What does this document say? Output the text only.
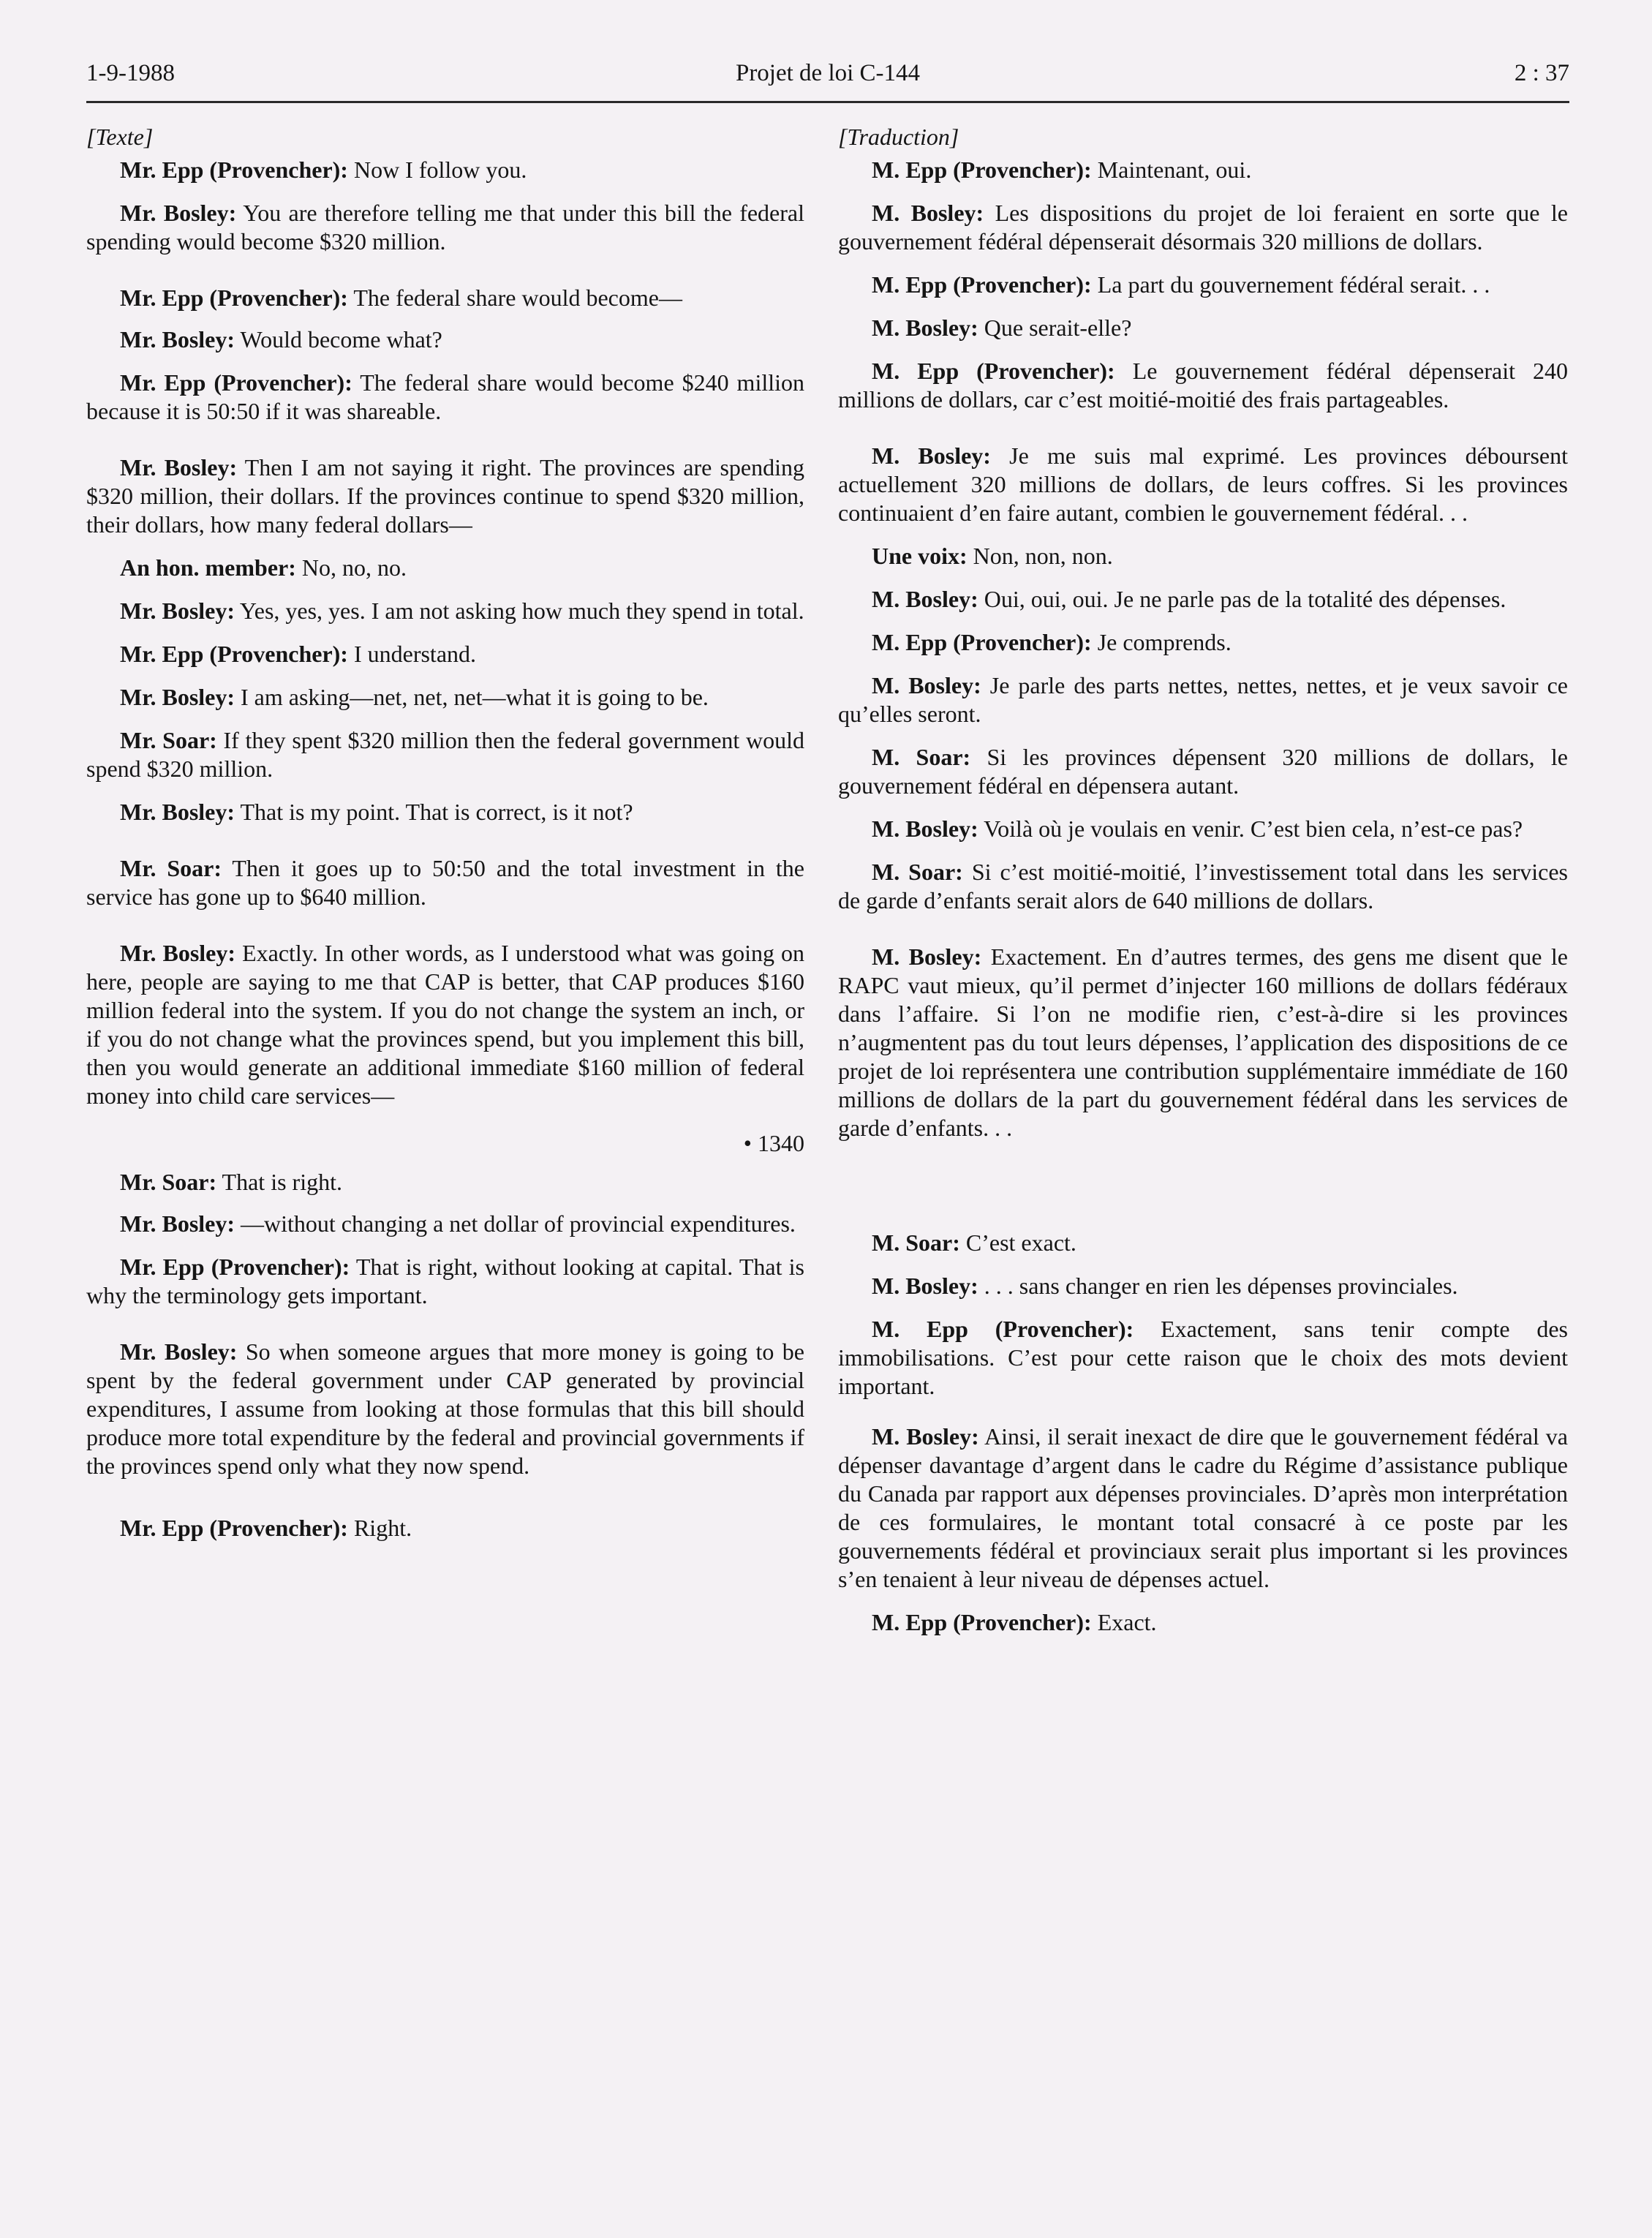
1-9-1988	Projet de loi C-144	2 : 37
[Texte]

Mr. Epp (Provencher): Now I follow you.

Mr. Bosley: You are therefore telling me that under this bill the federal spending would become $320 million.

Mr. Epp (Provencher): The federal share would become—

Mr. Bosley: Would become what?

Mr. Epp (Provencher): The federal share would become $240 million because it is 50:50 if it was shareable.

Mr. Bosley: Then I am not saying it right. The provinces are spending $320 million, their dollars. If the provinces continue to spend $320 million, their dollars, how many federal dollars—

An hon. member: No, no, no.

Mr. Bosley: Yes, yes, yes. I am not asking how much they spend in total.

Mr. Epp (Provencher): I understand.

Mr. Bosley: I am asking—net, net, net—what it is going to be.

Mr. Soar: If they spent $320 million then the federal government would spend $320 million.

Mr. Bosley: That is my point. That is correct, is it not?

Mr. Soar: Then it goes up to 50:50 and the total investment in the service has gone up to $640 million.

Mr. Bosley: Exactly. In other words, as I understood what was going on here, people are saying to me that CAP is better, that CAP produces $160 million federal into the system. If you do not change the system an inch, or if you do not change what the provinces spend, but you implement this bill, then you would generate an additional immediate $160 million of federal money into child care services—

• 1340

Mr. Soar: That is right.

Mr. Bosley: —without changing a net dollar of provincial expenditures.

Mr. Epp (Provencher): That is right, without looking at capital. That is why the terminology gets important.

Mr. Bosley: So when someone argues that more money is going to be spent by the federal government under CAP generated by provincial expenditures, I assume from looking at those formulas that this bill should produce more total expenditure by the federal and provincial governments if the provinces spend only what they now spend.

Mr. Epp (Provencher): Right.

[Traduction]

M. Epp (Provencher): Maintenant, oui.

M. Bosley: Les dispositions du projet de loi feraient en sorte que le gouvernement fédéral dépenserait désormais 320 millions de dollars.

M. Epp (Provencher): La part du gouvernement fédéral serait. . .

M. Bosley: Que serait-elle?

M. Epp (Provencher): Le gouvernement fédéral dépenserait 240 millions de dollars, car c’est moitié-moitié des frais partageables.

M. Bosley: Je me suis mal exprimé. Les provinces déboursent actuellement 320 millions de dollars, de leurs coffres. Si les provinces continuaient d’en faire autant, combien le gouvernement fédéral. . .

Une voix: Non, non, non.

M. Bosley: Oui, oui, oui. Je ne parle pas de la totalité des dépenses.

M. Epp (Provencher): Je comprends.

M. Bosley: Je parle des parts nettes, nettes, nettes, et je veux savoir ce qu’elles seront.

M. Soar: Si les provinces dépensent 320 millions de dollars, le gouvernement fédéral en dépensera autant.

M. Bosley: Voilà où je voulais en venir. C’est bien cela, n’est-ce pas?

M. Soar: Si c’est moitié-moitié, l’investissement total dans les services de garde d’enfants serait alors de 640 millions de dollars.

M. Bosley: Exactement. En d’autres termes, des gens me disent que le RAPC vaut mieux, qu’il permet d’injecter 160 millions de dollars fédéraux dans l’affaire. Si l’on ne modifie rien, c’est-à-dire si les provinces n’augmentent pas du tout leurs dépenses, l’application des dispositions de ce projet de loi représentera une contribution supplémentaire immédiate de 160 millions de dollars de la part du gouvernement fédéral dans les services de garde d’enfants. . .

M. Soar: C’est exact.

M. Bosley: . . . sans changer en rien les dépenses provinciales.

M. Epp (Provencher): Exactement, sans tenir compte des immobilisations. C’est pour cette raison que le choix des mots devient important.

M. Bosley: Ainsi, il serait inexact de dire que le gouvernement fédéral va dépenser davantage d’argent dans le cadre du Régime d’assistance publique du Canada par rapport aux dépenses provinciales. D’après mon interprétation de ces formulaires, le montant total consacré à ce poste par les gouvernements fédéral et provinciaux serait plus important si les provinces s’en tenaient à leur niveau de dépenses actuel.

M. Epp (Provencher): Exact.
